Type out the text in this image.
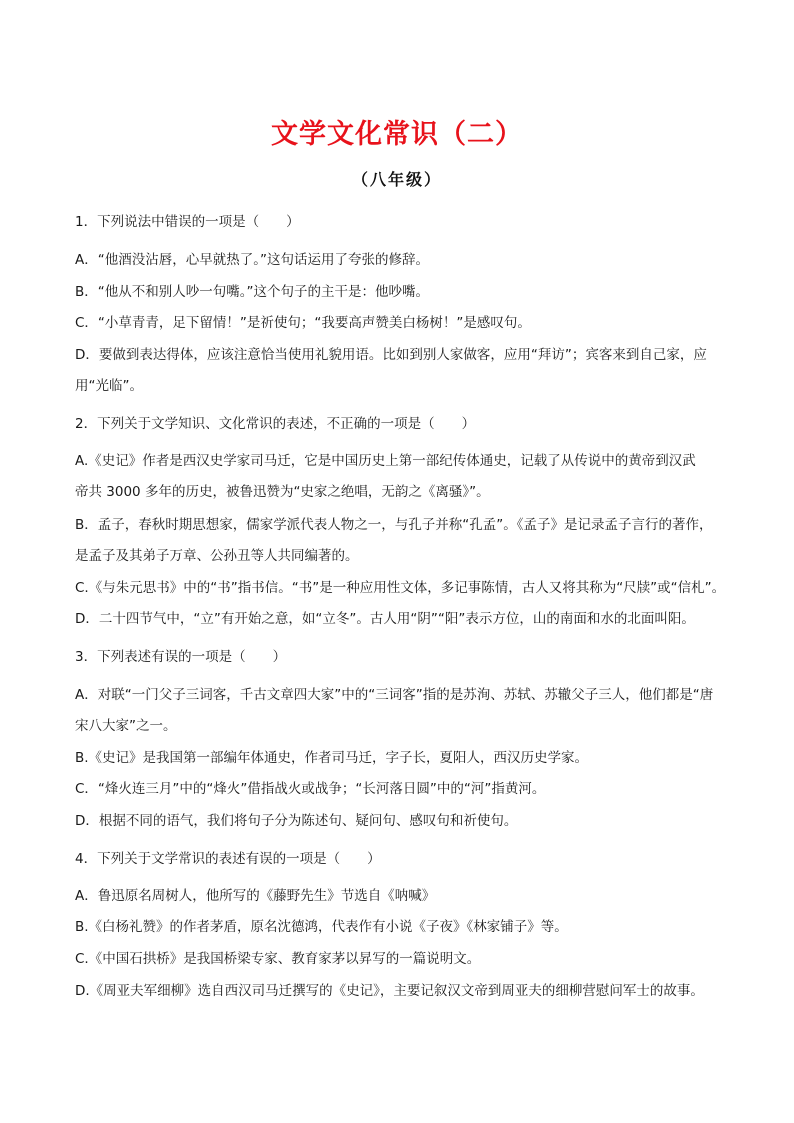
文学文化常识（二）
（八年级）

1．下列说法中错误的一项是（　　）

A．“他酒没沾唇，心早就热了。”这句话运用了夸张的修辞。

B．“他从不和别人吵一句嘴。”这个句子的主干是：他吵嘴。

C．“小草青青，足下留情！”是祈使句；“我要高声赞美白杨树！”是感叹句。

D．要做到表达得体，应该注意恰当使用礼貌用语。比如到别人家做客，应用“拜访”；宾客来到自己家，应

用“光临”。

2．下列关于文学知识、文化常识的表述，不正确的一项是（　　）

A.《史记》作者是西汉史学家司马迁，它是中国历史上第一部纪传体通史，记载了从传说中的黄帝到汉武

帝共 3000 多年的历史，被鲁迅赞为“史家之绝唱，无韵之《离骚》”。

B．孟子，春秋时期思想家，儒家学派代表人物之一，与孔子并称“孔孟”。《孟子》是记录孟子言行的著作，

是孟子及其弟子万章、公孙丑等人共同编著的。

C.《与朱元思书》中的“书”指书信。“书”是一种应用性文体，多记事陈情，古人又将其称为“尺牍”或“信札”。

D．二十四节气中，“立”有开始之意，如“立冬”。古人用“阴”“阳”表示方位，山的南面和水的北面叫阳。

3．下列表述有误的一项是（　　）

A．对联“一门父子三词客，千古文章四大家”中的“三词客”指的是苏洵、苏轼、苏辙父子三人，他们都是“唐

宋八大家”之一。

B.《史记》是我国第一部编年体通史，作者司马迁，字子长，夏阳人，西汉历史学家。

C．“烽火连三月”中的“烽火”借指战火或战争；“长河落日圆”中的“河”指黄河。

D．根据不同的语气，我们将句子分为陈述句、疑问句、感叹句和祈使句。

4．下列关于文学常识的表述有误的一项是（　　）

A．鲁迅原名周树人，他所写的《藤野先生》节选自《呐喊》

B.《白杨礼赞》的作者茅盾，原名沈德鸿，代表作有小说《子夜》《林家铺子》等。

C.《中国石拱桥》是我国桥梁专家、教育家茅以昇写的一篇说明文。

D.《周亚夫军细柳》选自西汉司马迁撰写的《史记》，主要记叙汉文帝到周亚夫的细柳营慰问军士的故事。
